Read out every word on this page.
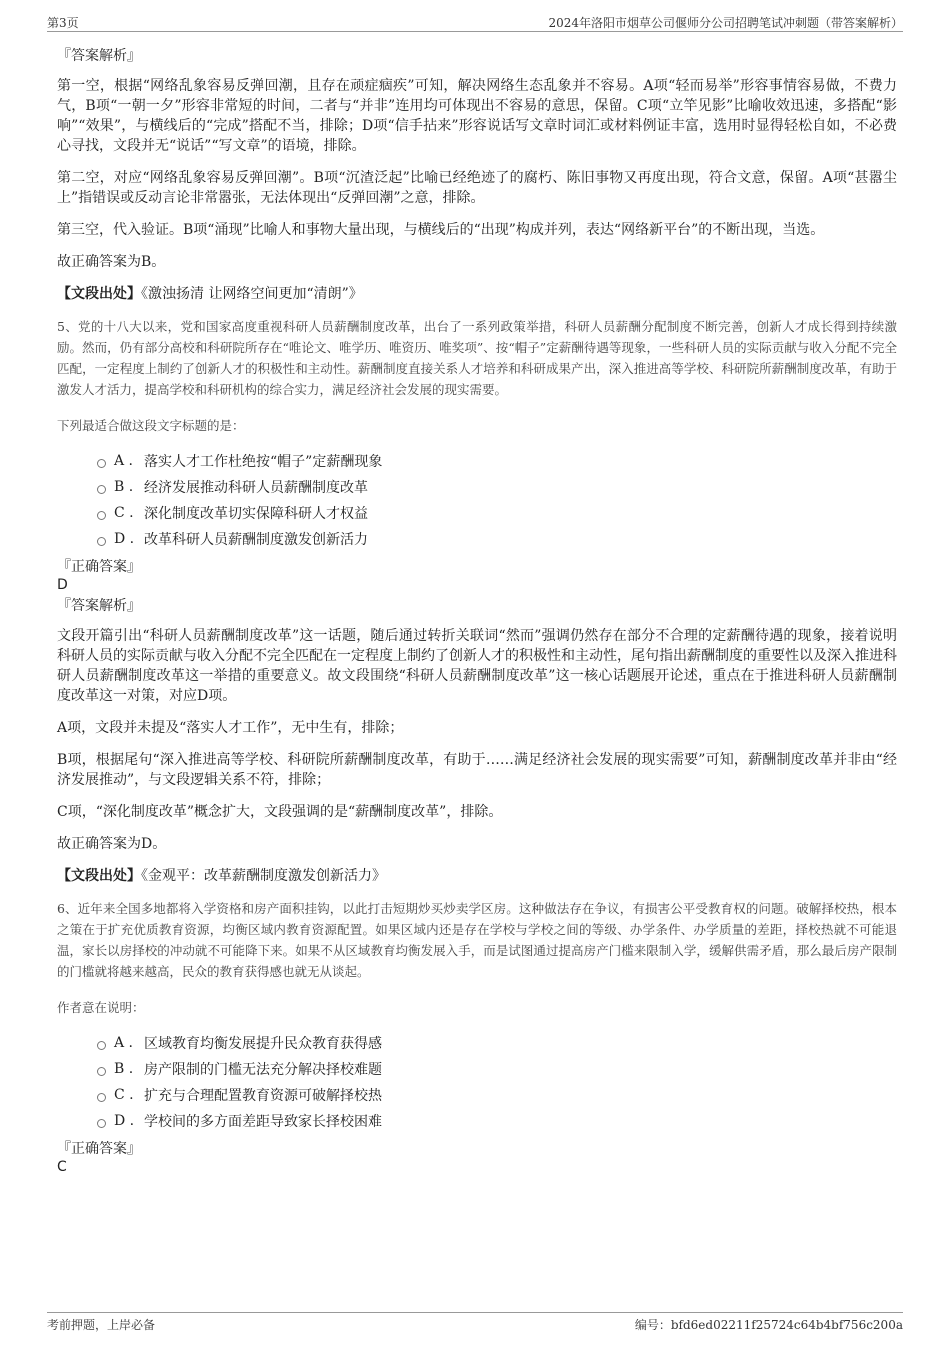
第3页	2024年洛阳市烟草公司偃师分公司招聘笔试冲刺题（带答案解析）
『答案解析』

第一空，根据“网络乱象容易反弹回潮，且存在顽症痼疾”可知，解决网络生态乱象并不容易。A项“轻而易举”形容事情容易做，不费力气，B项“一朝一夕”形容非常短的时间，二者与“并非”连用均可体现出不容易的意思，保留。C项“立竿见影”比喻收效迅速，多搭配“影响”“效果”，与横线后的“完成”搭配不当，排除；D项“信手拈来”形容说话写文章时词汇或材料例证丰富，选用时显得轻松自如，不必费心寻找，文段并无“说话”“写文章”的语境，排除。

第二空，对应“网络乱象容易反弹回潮”。B项“沉渣泛起”比喻已经绝迹了的腐朽、陈旧事物又再度出现，符合文意，保留。A项“甚嚣尘上”指错误或反动言论非常嚣张，无法体现出“反弹回潮”之意，排除。

第三空，代入验证。B项“涌现”比喻人和事物大量出现，与横线后的“出现”构成并列，表达“网络新平台”的不断出现，当选。

故正确答案为B。

【文段出处】《激浊扬清 让网络空间更加“清朗”》

5、党的十八大以来，党和国家高度重视科研人员薪酬制度改革，出台了一系列政策举措，科研人员薪酬分配制度不断完善，创新人才成长得到持续激励。然而，仍有部分高校和科研院所存在“唯论文、唯学历、唯资历、唯奖项”、按“帽子”定薪酬待遇等现象，一些科研人员的实际贡献与收入分配不完全匹配，一定程度上制约了创新人才的积极性和主动性。薪酬制度直接关系人才培养和科研成果产出，深入推进高等学校、科研院所薪酬制度改革，有助于激发人才活力，提高学校和科研机构的综合实力，满足经济社会发展的现实需要。

下列最适合做这段文字标题的是：

A . 落实人才工作杜绝按“帽子”定薪酬现象
B . 经济发展推动科研人员薪酬制度改革
C . 深化制度改革切实保障科研人才权益
D . 改革科研人员薪酬制度激发创新活力
『正确答案』
D
『答案解析』

文段开篇引出“科研人员薪酬制度改革”这一话题，随后通过转折关联词“然而”强调仍然存在部分不合理的定薪酬待遇的现象，接着说明科研人员的实际贡献与收入分配不完全匹配在一定程度上制约了创新人才的积极性和主动性，尾句指出薪酬制度的重要性以及深入推进科研人员薪酬制度改革这一举措的重要意义。故文段围绕“科研人员薪酬制度改革”这一核心话题展开论述，重点在于推进科研人员薪酬制度改革这一对策，对应D项。

A项，文段并未提及“落实人才工作”，无中生有，排除；

B项，根据尾句“深入推进高等学校、科研院所薪酬制度改革，有助于……满足经济社会发展的现实需要”可知，薪酬制度改革并非由“经济发展推动”，与文段逻辑关系不符，排除；

C项，“深化制度改革”概念扩大，文段强调的是“薪酬制度改革”，排除。

故正确答案为D。

【文段出处】《金观平：改革薪酬制度激发创新活力》

6、近年来全国多地都将入学资格和房产面积挂钩，以此打击短期炒买炒卖学区房。这种做法存在争议，有损害公平受教育权的问题。破解择校热，根本之策在于扩充优质教育资源，均衡区域内教育资源配置。如果区域内还是存在学校与学校之间的等级、办学条件、办学质量的差距，择校热就不可能退温，家长以房择校的冲动就不可能降下来。如果不从区域教育均衡发展入手，而是试图通过提高房产门槛来限制入学，缓解供需矛盾，那么最后房产限制的门槛就将越来越高，民众的教育获得感也就无从谈起。

作者意在说明：

A . 区域教育均衡发展提升民众教育获得感
B . 房产限制的门槛无法充分解决择校难题
C . 扩充与合理配置教育资源可破解择校热
D . 学校间的多方面差距导致家长择校困难
『正确答案』
C
考前押题，上岸必备	编号：bfd6ed02211f25724c64b4bf756c200a
